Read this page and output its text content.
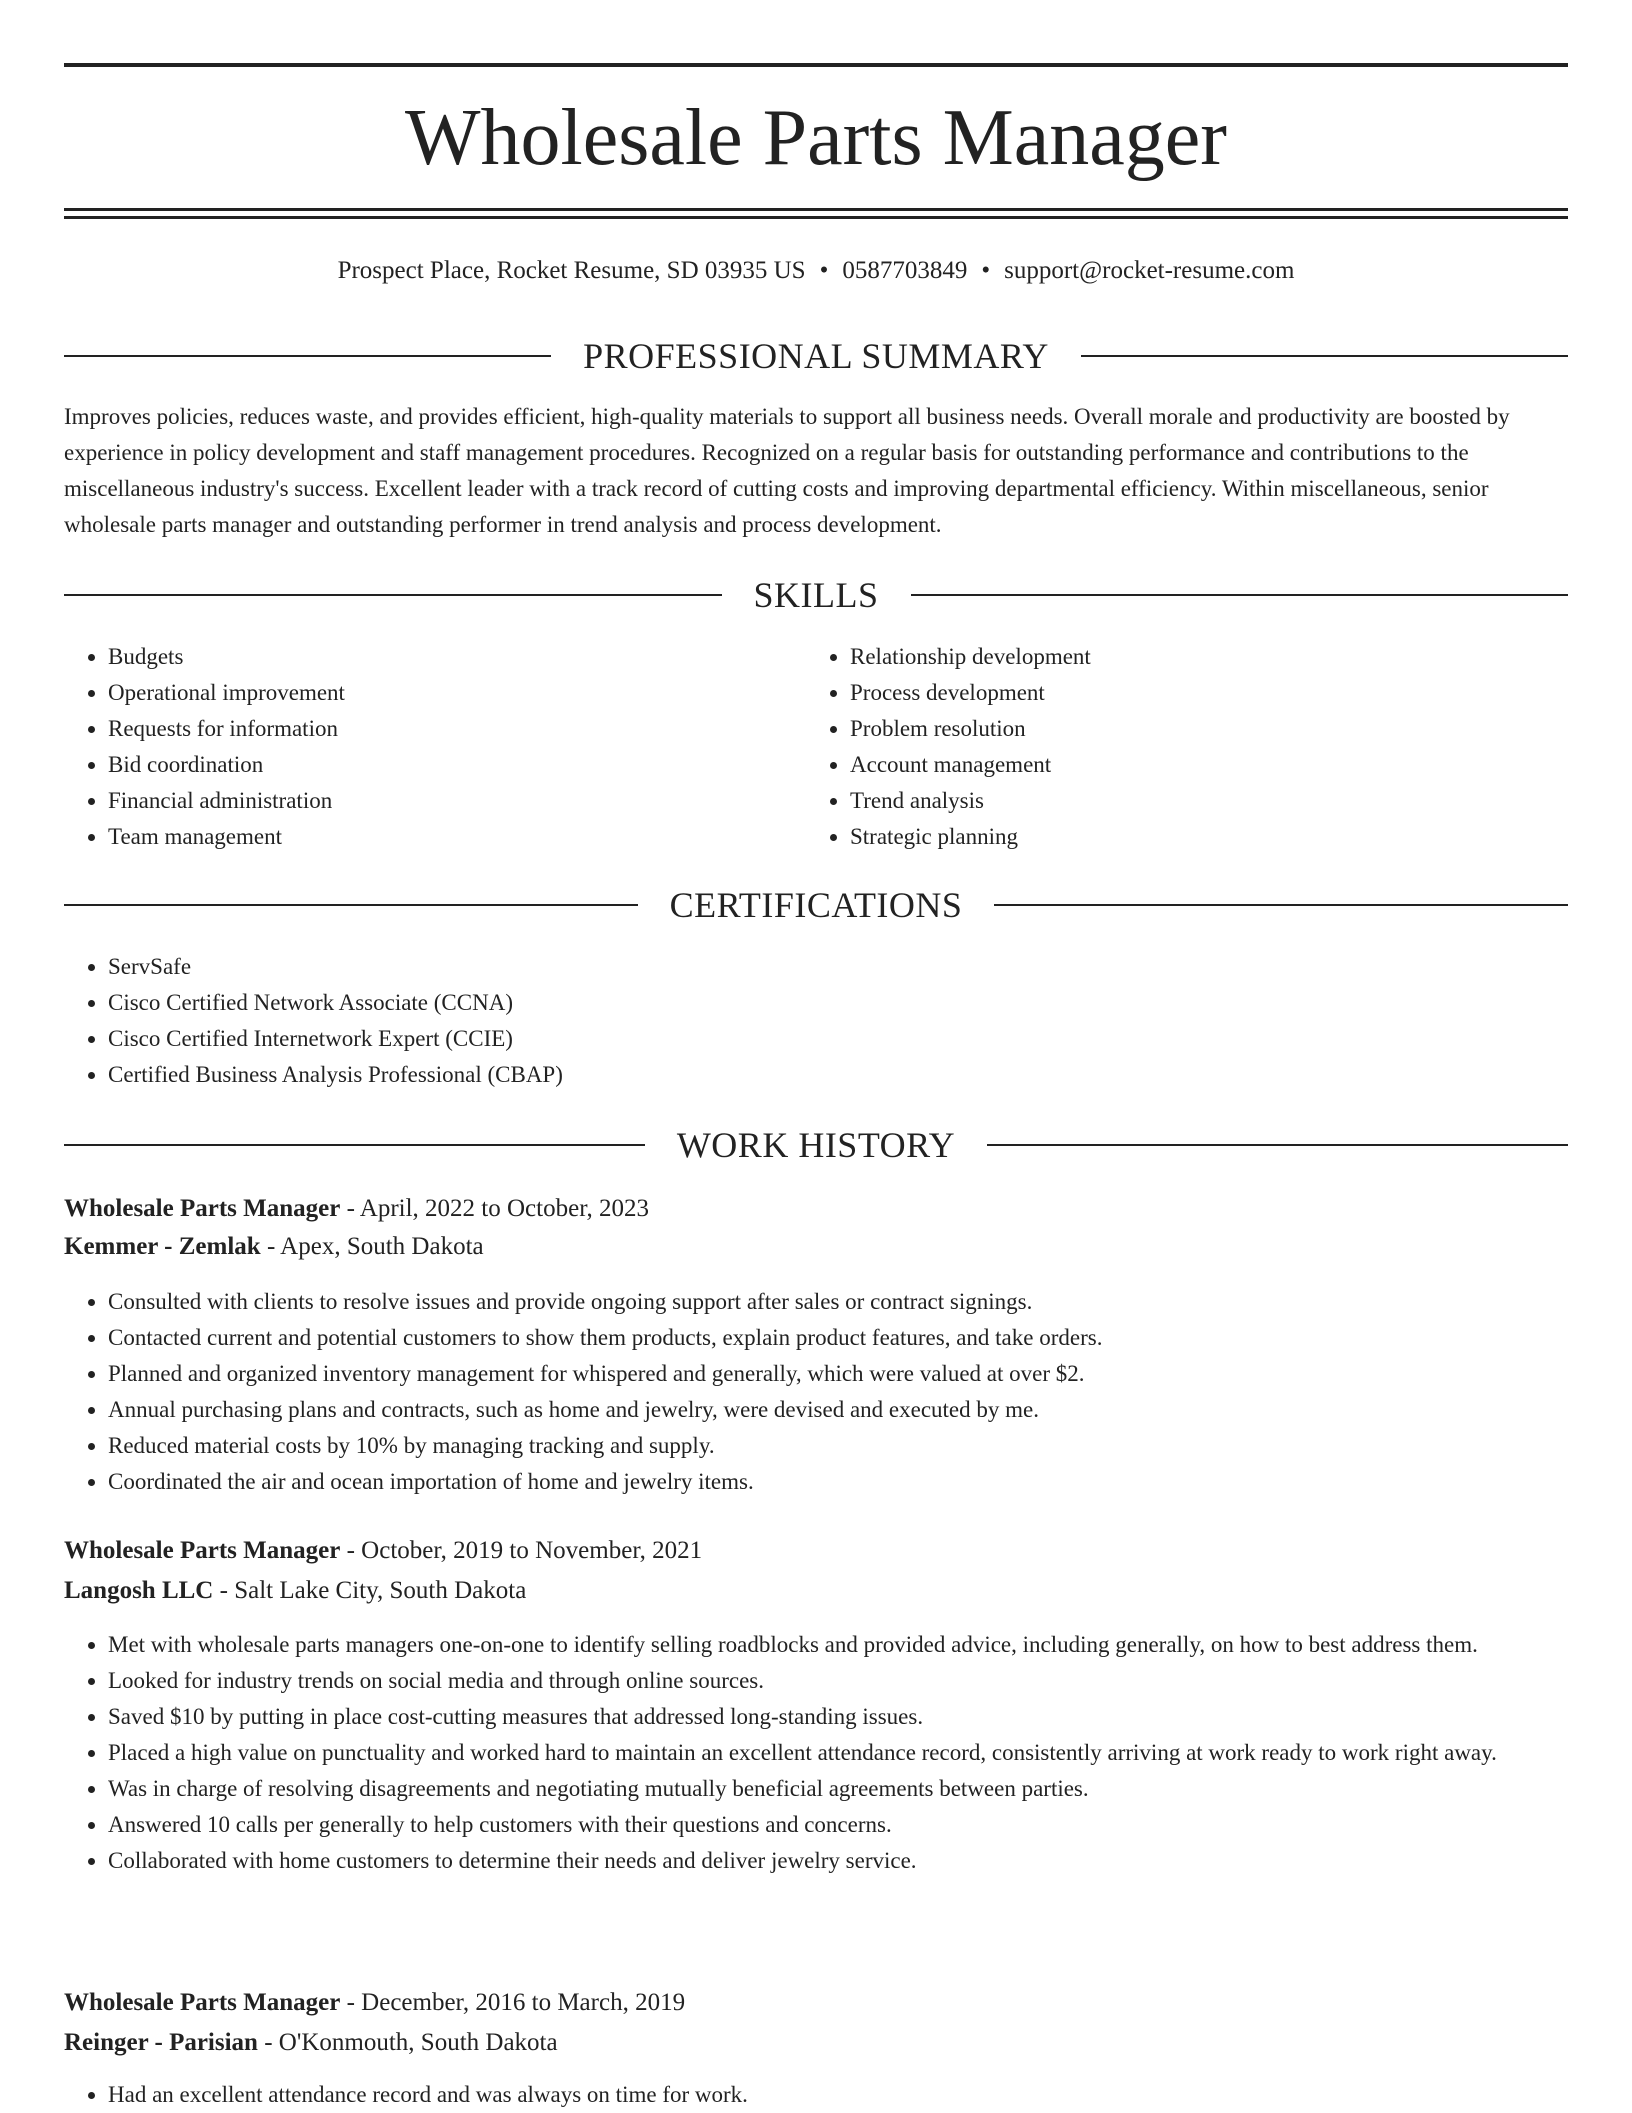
Wholesale Parts Manager
Prospect Place, Rocket Resume, SD 03935 US • 0587703849 • support@rocket-resume.com
PROFESSIONAL SUMMARY

Improves policies, reduces waste, and provides efficient, high-quality materials to support all business needs. Overall morale and productivity are boosted by experience in policy development and staff management procedures. Recognized on a regular basis for outstanding performance and contributions to the miscellaneous industry's success. Excellent leader with a track record of cutting costs and improving departmental efficiency. Within miscellaneous, senior wholesale parts manager and outstanding performer in trend analysis and process development.

SKILLS
• Budgets
• Operational improvement
• Requests for information
• Bid coordination
• Financial administration
• Team management
• Relationship development
• Process development
• Problem resolution
• Account management
• Trend analysis
• Strategic planning
CERTIFICATIONS
• ServSafe
• Cisco Certified Network Associate (CCNA)
• Cisco Certified Internetwork Expert (CCIE)
• Certified Business Analysis Professional (CBAP)
WORK HISTORY
Wholesale Parts Manager - April, 2022 to October, 2023
Kemmer - Zemlak - Apex, South Dakota
• Consulted with clients to resolve issues and provide ongoing support after sales or contract signings.
• Contacted current and potential customers to show them products, explain product features, and take orders.
• Planned and organized inventory management for whispered and generally, which were valued at over $2.
• Annual purchasing plans and contracts, such as home and jewelry, were devised and executed by me.
• Reduced material costs by 10% by managing tracking and supply.
• Coordinated the air and ocean importation of home and jewelry items.
Wholesale Parts Manager - October, 2019 to November, 2021
Langosh LLC - Salt Lake City, South Dakota
• Met with wholesale parts managers one-on-one to identify selling roadblocks and provided advice, including generally, on how to best address them.
• Looked for industry trends on social media and through online sources.
• Saved $10 by putting in place cost-cutting measures that addressed long-standing issues.
• Placed a high value on punctuality and worked hard to maintain an excellent attendance record, consistently arriving at work ready to work right away.
• Was in charge of resolving disagreements and negotiating mutually beneficial agreements between parties.
• Answered 10 calls per generally to help customers with their questions and concerns.
• Collaborated with home customers to determine their needs and deliver jewelry service.
Wholesale Parts Manager - December, 2016 to March, 2019
Reinger - Parisian - O'Konmouth, South Dakota
• Had an excellent attendance record and was always on time for work.
